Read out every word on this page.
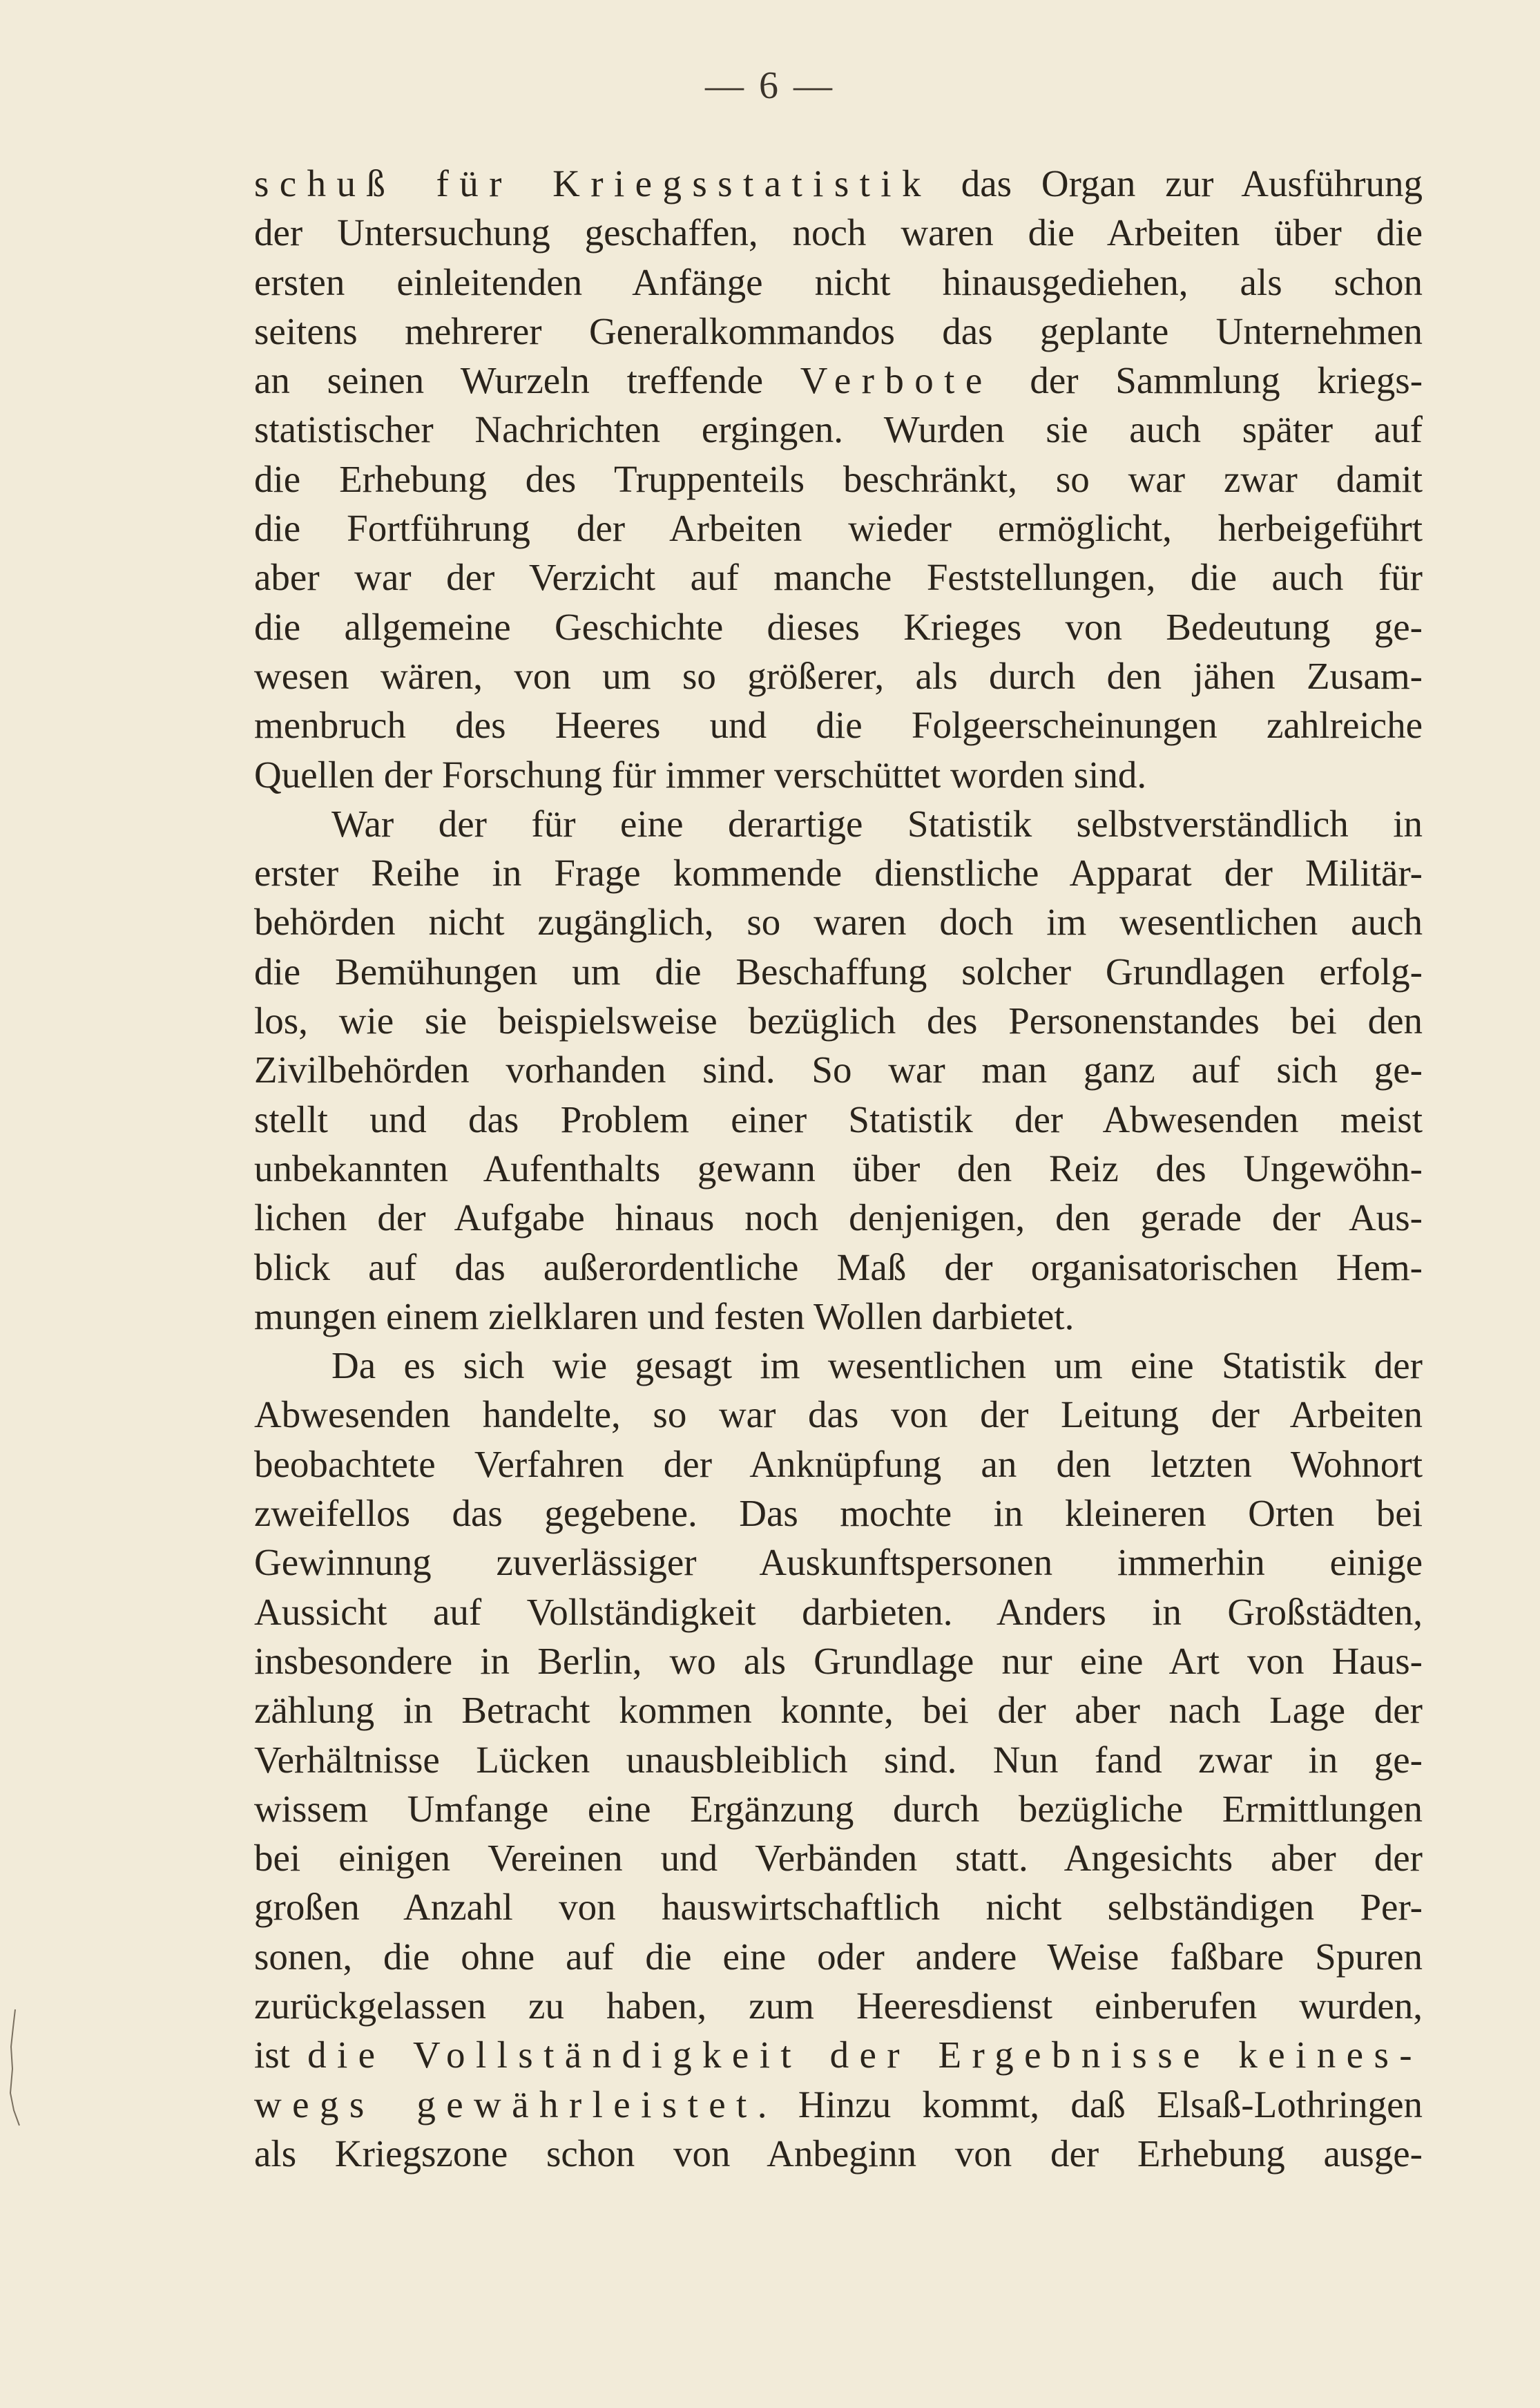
— 6 —
schuß für Kriegsstatistik das Organ zur Ausführung
der Untersuchung geschaffen, noch waren die Arbeiten über die
ersten einleitenden Anfänge nicht hinausgediehen, als schon
seitens mehrerer Generalkommandos das geplante Unternehmen
an seinen Wurzeln treffende Verbote der Sammlung kriegs-
statistischer Nachrichten ergingen. Wurden sie auch später auf
die Erhebung des Truppenteils beschränkt, so war zwar damit
die Fortführung der Arbeiten wieder ermöglicht, herbeigeführt
aber war der Verzicht auf manche Feststellungen, die auch für
die allgemeine Geschichte dieses Krieges von Bedeutung ge-
wesen wären, von um so größerer, als durch den jähen Zusam-
menbruch des Heeres und die Folgeerscheinungen zahlreiche
Quellen der Forschung für immer verschüttet worden sind.
War der für eine derartige Statistik selbstverständlich in
erster Reihe in Frage kommende dienstliche Apparat der Militär-
behörden nicht zugänglich, so waren doch im wesentlichen auch
die Bemühungen um die Beschaffung solcher Grundlagen erfolg-
los, wie sie beispielsweise bezüglich des Personenstandes bei den
Zivilbehörden vorhanden sind. So war man ganz auf sich ge-
stellt und das Problem einer Statistik der Abwesenden meist
unbekannten Aufenthalts gewann über den Reiz des Ungewöhn-
lichen der Aufgabe hinaus noch denjenigen, den gerade der Aus-
blick auf das außerordentliche Maß der organisatorischen Hem-
mungen einem zielklaren und festen Wollen darbietet.
Da es sich wie gesagt im wesentlichen um eine Statistik der
Abwesenden handelte, so war das von der Leitung der Arbeiten
beobachtete Verfahren der Anknüpfung an den letzten Wohnort
zweifellos das gegebene. Das mochte in kleineren Orten bei
Gewinnung zuverlässiger Auskunftspersonen immerhin einige
Aussicht auf Vollständigkeit darbieten. Anders in Großstädten,
insbesondere in Berlin, wo als Grundlage nur eine Art von Haus-
zählung in Betracht kommen konnte, bei der aber nach Lage der
Verhältnisse Lücken unausbleiblich sind. Nun fand zwar in ge-
wissem Umfange eine Ergänzung durch bezügliche Ermittlungen
bei einigen Vereinen und Verbänden statt. Angesichts aber der
großen Anzahl von hauswirtschaftlich nicht selbständigen Per-
sonen, die ohne auf die eine oder andere Weise faßbare Spuren
zurückgelassen zu haben, zum Heeresdienst einberufen wurden,
ist die Vollständigkeit der Ergebnisse keines-
wegs gewährleistet. Hinzu kommt, daß Elsaß-Lothringen
als Kriegszone schon von Anbeginn von der Erhebung ausge-
